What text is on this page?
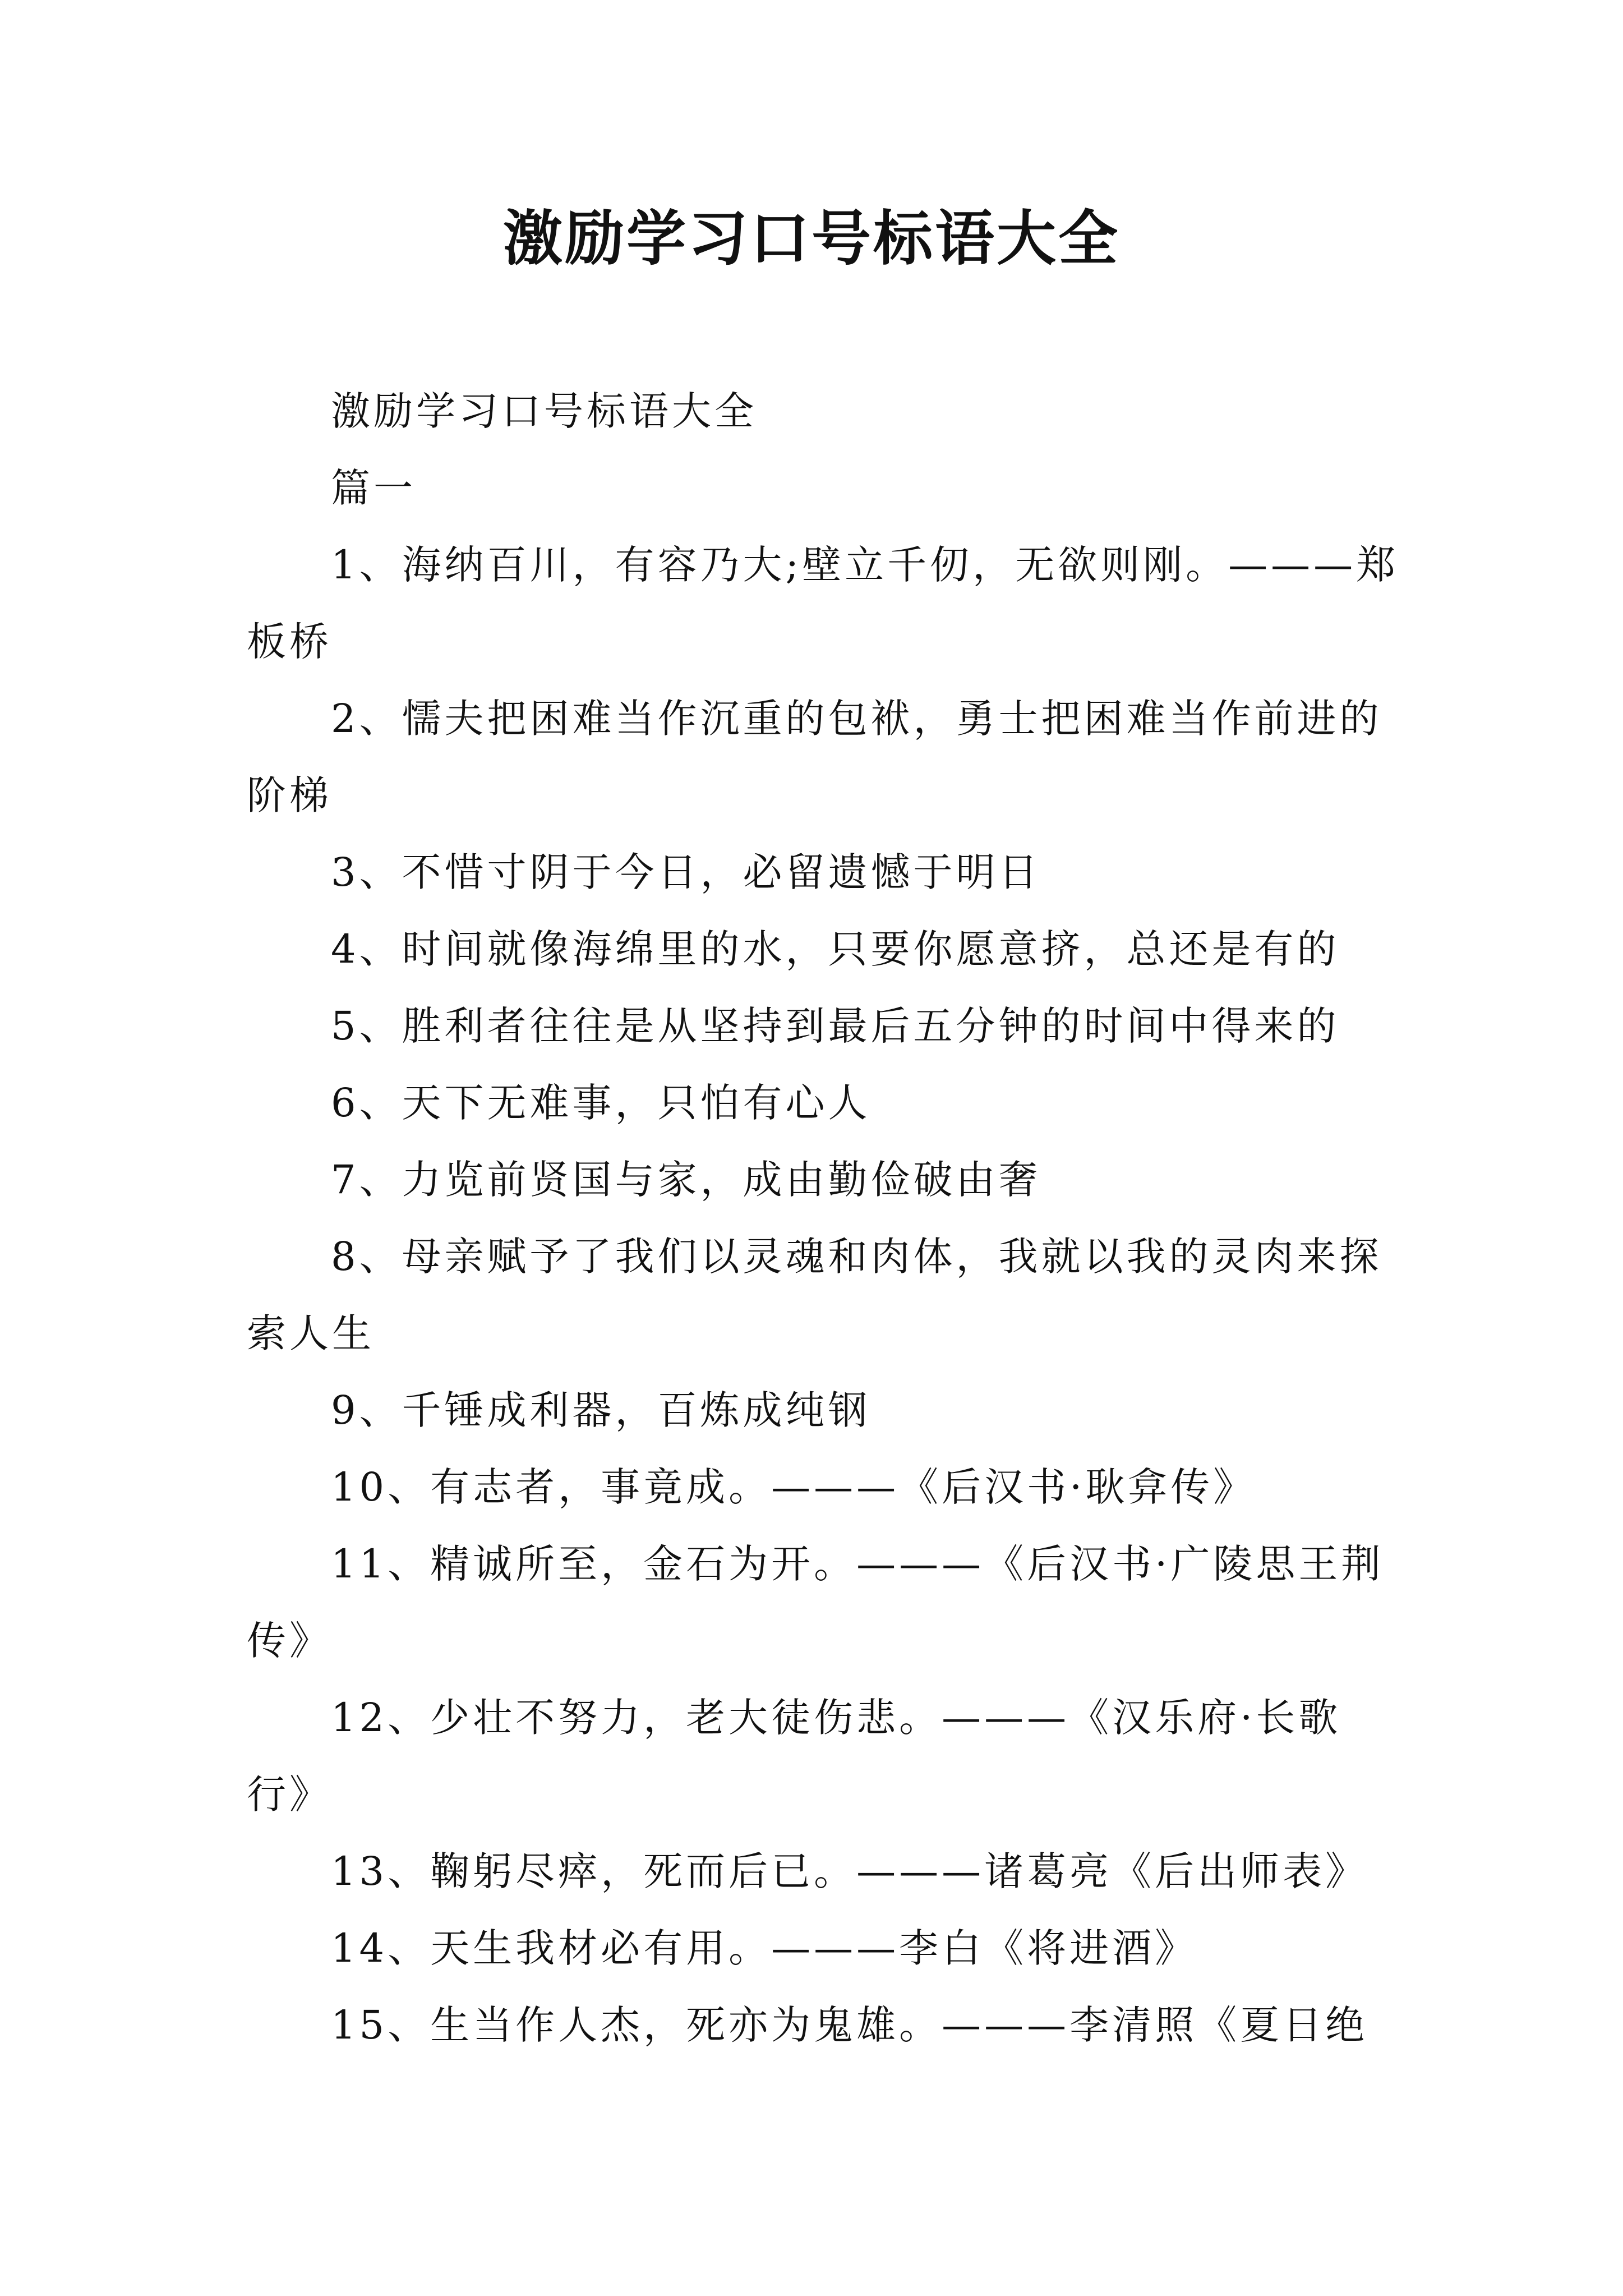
激励学习口号标语大全

激励学习口号标语大全

篇一

1、海纳百川，有容乃大;壁立千仞，无欲则刚。———郑板桥

2、懦夫把困难当作沉重的包袱，勇士把困难当作前进的阶梯

3、不惜寸阴于今日，必留遗憾于明日

4、时间就像海绵里的水，只要你愿意挤，总还是有的

5、胜利者往往是从坚持到最后五分钟的时间中得来的

6、天下无难事，只怕有心人

7、力览前贤国与家，成由勤俭破由奢

8、母亲赋予了我们以灵魂和肉体，我就以我的灵肉来探索人生

9、千锤成利器，百炼成纯钢

10、有志者，事竟成。———《后汉书·耿弇传》

11、精诚所至，金石为开。———《后汉书·广陵思王荆传》

12、少壮不努力，老大徒伤悲。———《汉乐府·长歌行》

13、鞠躬尽瘁，死而后已。———诸葛亮《后出师表》

14、天生我材必有用。———李白《将进酒》

15、生当作人杰，死亦为鬼雄。———李清照《夏日绝
